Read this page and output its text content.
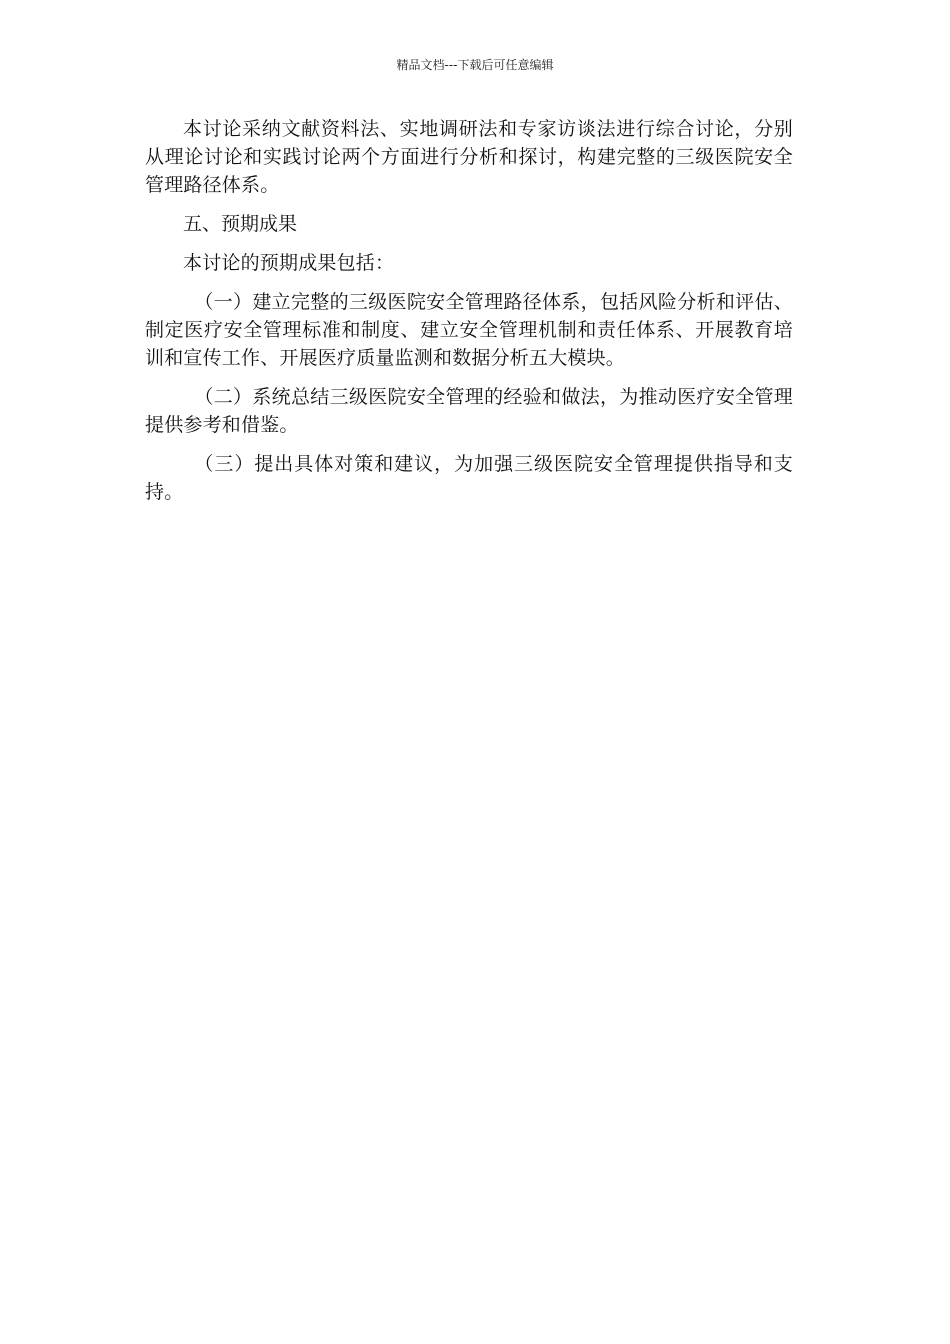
精品文档---下载后可任意编辑

本讨论采纳文献资料法、实地调研法和专家访谈法进行综合讨论，分别从理论讨论和实践讨论两个方面进行分析和探讨，构建完整的三级医院安全管理路径体系。

五、预期成果

本讨论的预期成果包括：

（一）建立完整的三级医院安全管理路径体系，包括风险分析和评估、制定医疗安全管理标准和制度、建立安全管理机制和责任体系、开展教育培训和宣传工作、开展医疗质量监测和数据分析五大模块。

（二）系统总结三级医院安全管理的经验和做法，为推动医疗安全管理提供参考和借鉴。

（三）提出具体对策和建议，为加强三级医院安全管理提供指导和支持。
